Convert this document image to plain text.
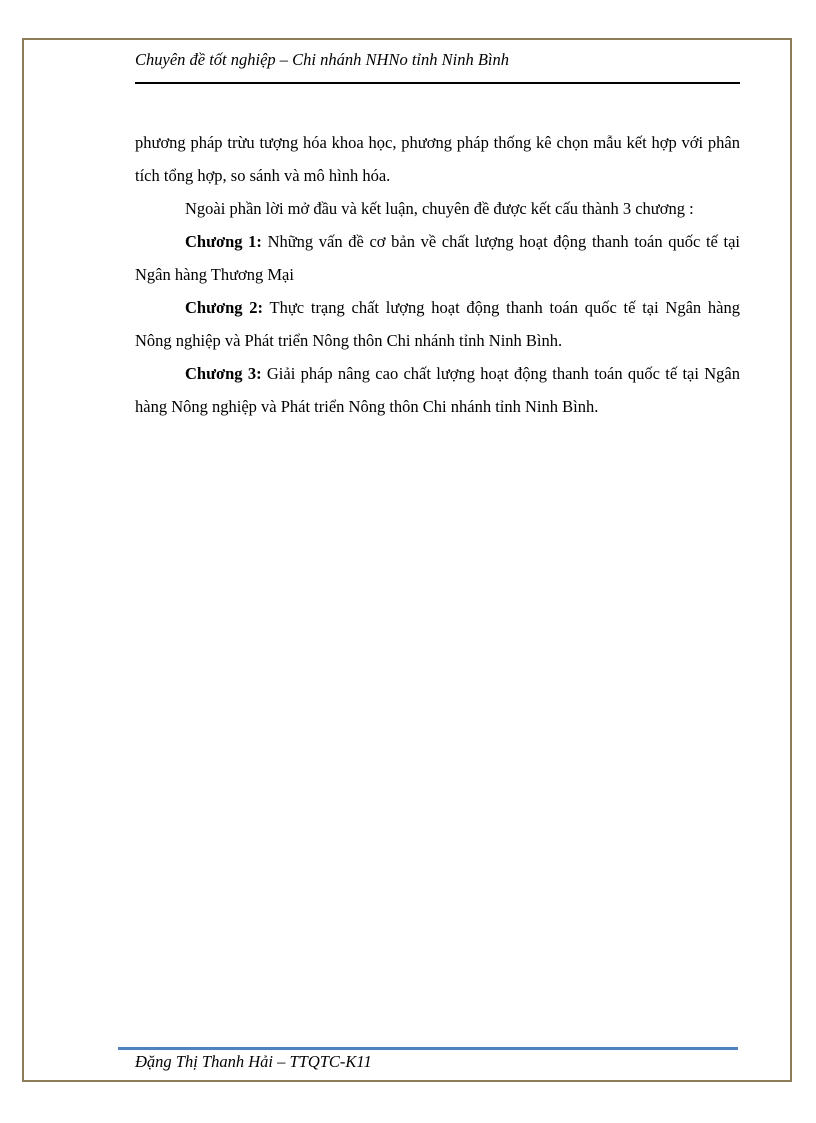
Chuyên đề tốt nghiệp – Chi nhánh NHNo tỉnh Ninh Bình

phương pháp trừu tượng hóa khoa học, phương pháp thống kê chọn mẫu kết hợp với phân tích tổng hợp, so sánh và mô hình hóa.

Ngoài phần lời mở đầu và kết luận, chuyên đề được kết cấu thành 3 chương :

Chương 1: Những vấn đề cơ bản về chất lượng hoạt động thanh toán quốc tế tại Ngân hàng Thương Mại

Chương 2: Thực trạng chất lượng hoạt động thanh toán quốc tế tại Ngân hàng Nông nghiệp và Phát triển Nông thôn Chi nhánh tỉnh Ninh Bình.

Chương 3: Giải pháp nâng cao chất lượng hoạt động thanh toán quốc tế tại Ngân hàng Nông nghiệp và Phát triển Nông thôn Chi nhánh tỉnh Ninh Bình.

Đặng Thị Thanh Hải – TTQTC-K11
